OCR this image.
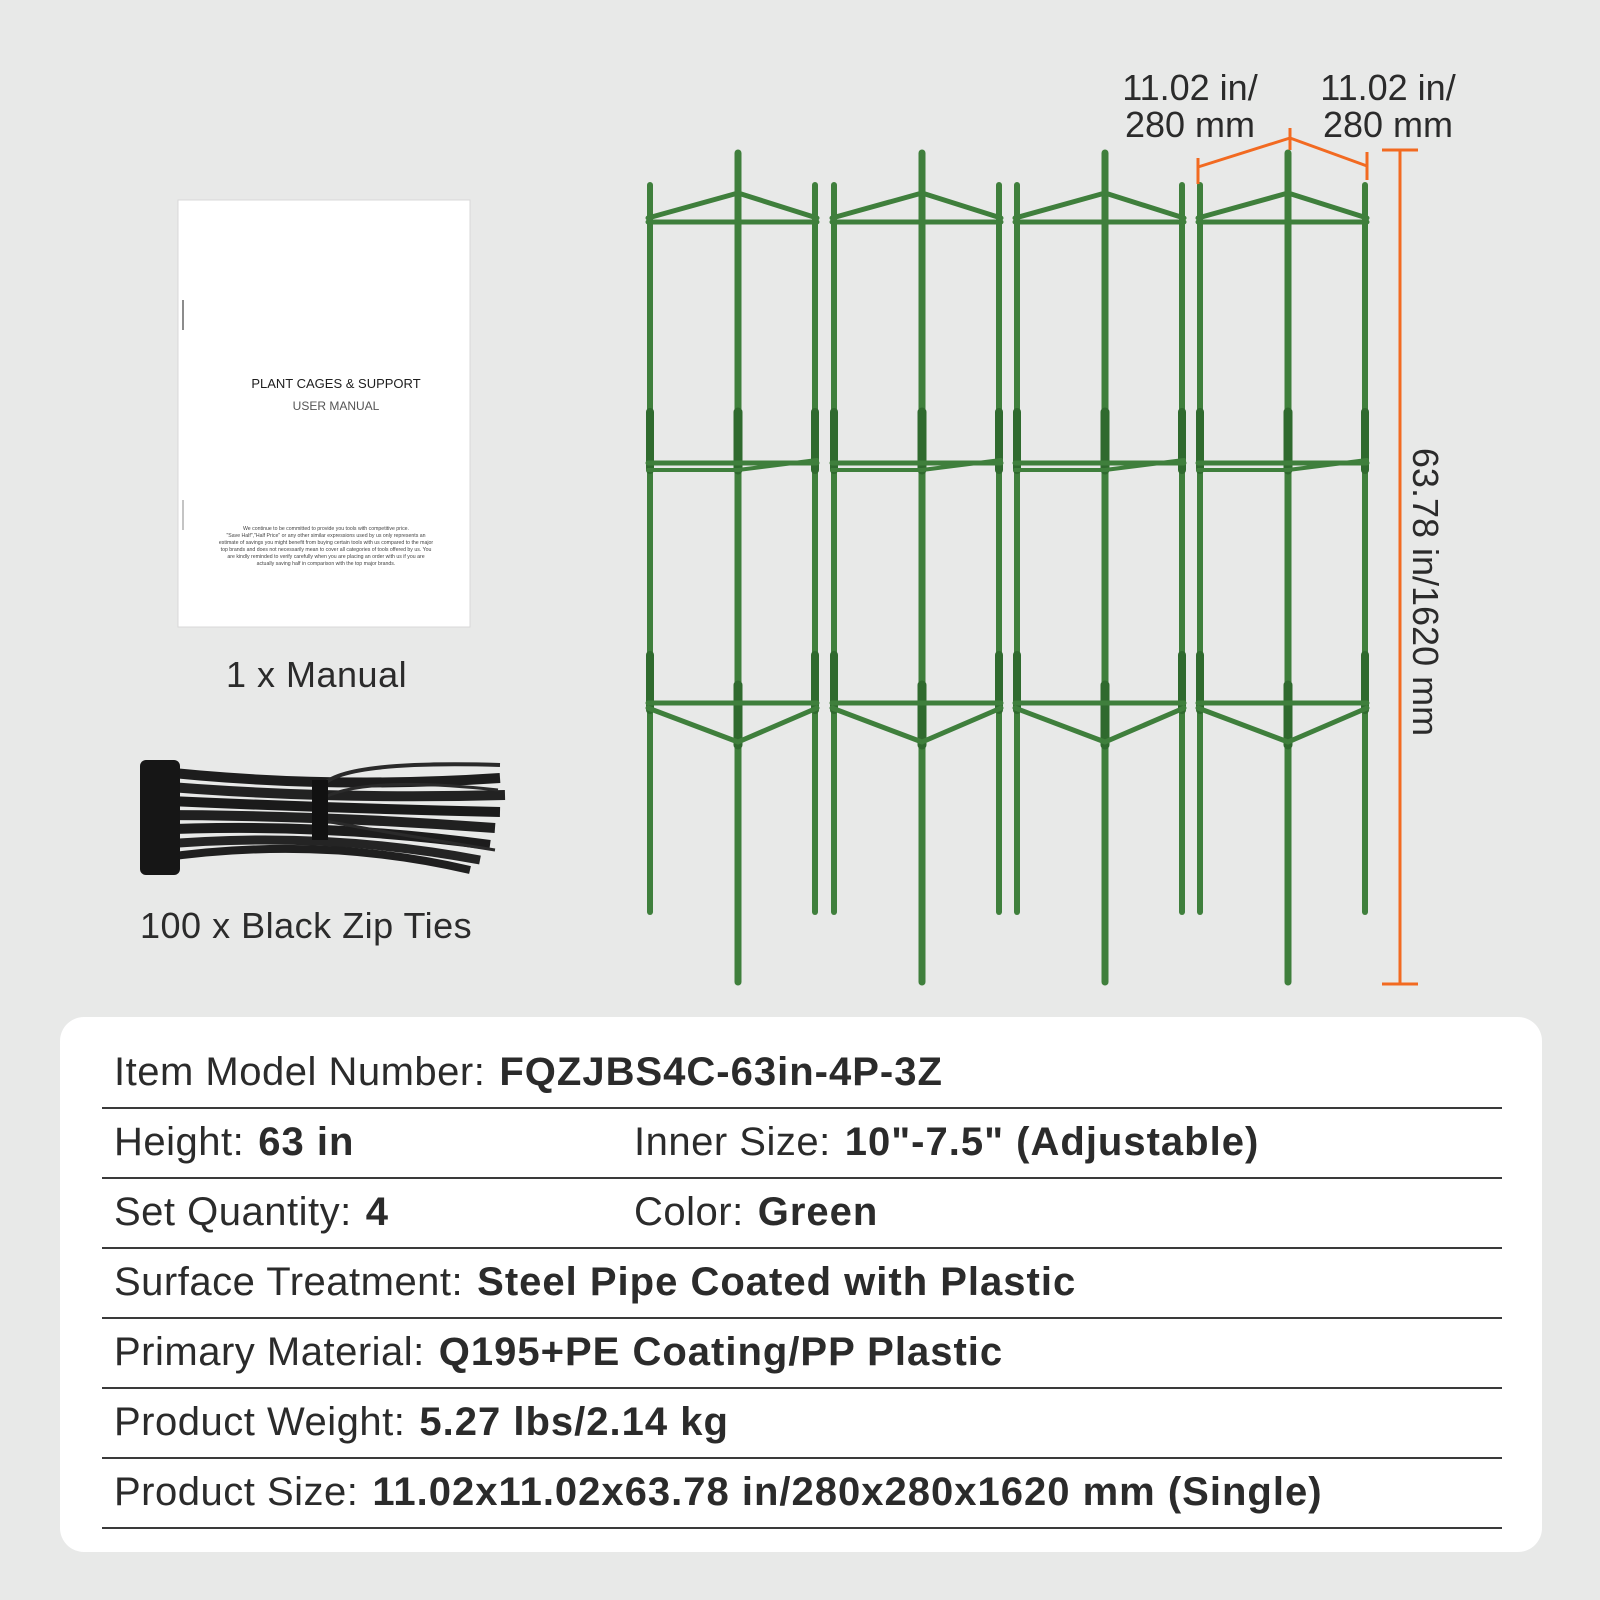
PLANT CAGES & SUPPORT
USER MANUAL
We continue to be committed to provide you tools with competitive price.
"Save Half","Half Price" or any other similar expressions used by us only represents an
estimate of savings you might benefit from buying certain tools with us compared to the major
top brands and does not necessarily mean to cover all categories of tools offered by us. You
are kindly reminded to verify carefully when you are placing an order with us if you are
actually saving half in comparison with the top major brands.
11.02 in/
280 mm
11.02 in/
280 mm
63.78 in/1620 mm
1 x Manual
100 x Black Zip Ties
Item Model Number: FQZJBS4C-63in-4P-3Z
Height: 63 in	Inner Size: 10"-7.5" (Adjustable)
Set Quantity: 4	Color: Green
Surface Treatment: Steel Pipe Coated with Plastic
Primary Material: Q195+PE Coating/PP Plastic
Product Weight: 5.27 lbs/2.14 kg
Product Size: 11.02x11.02x63.78 in/280x280x1620 mm (Single)
